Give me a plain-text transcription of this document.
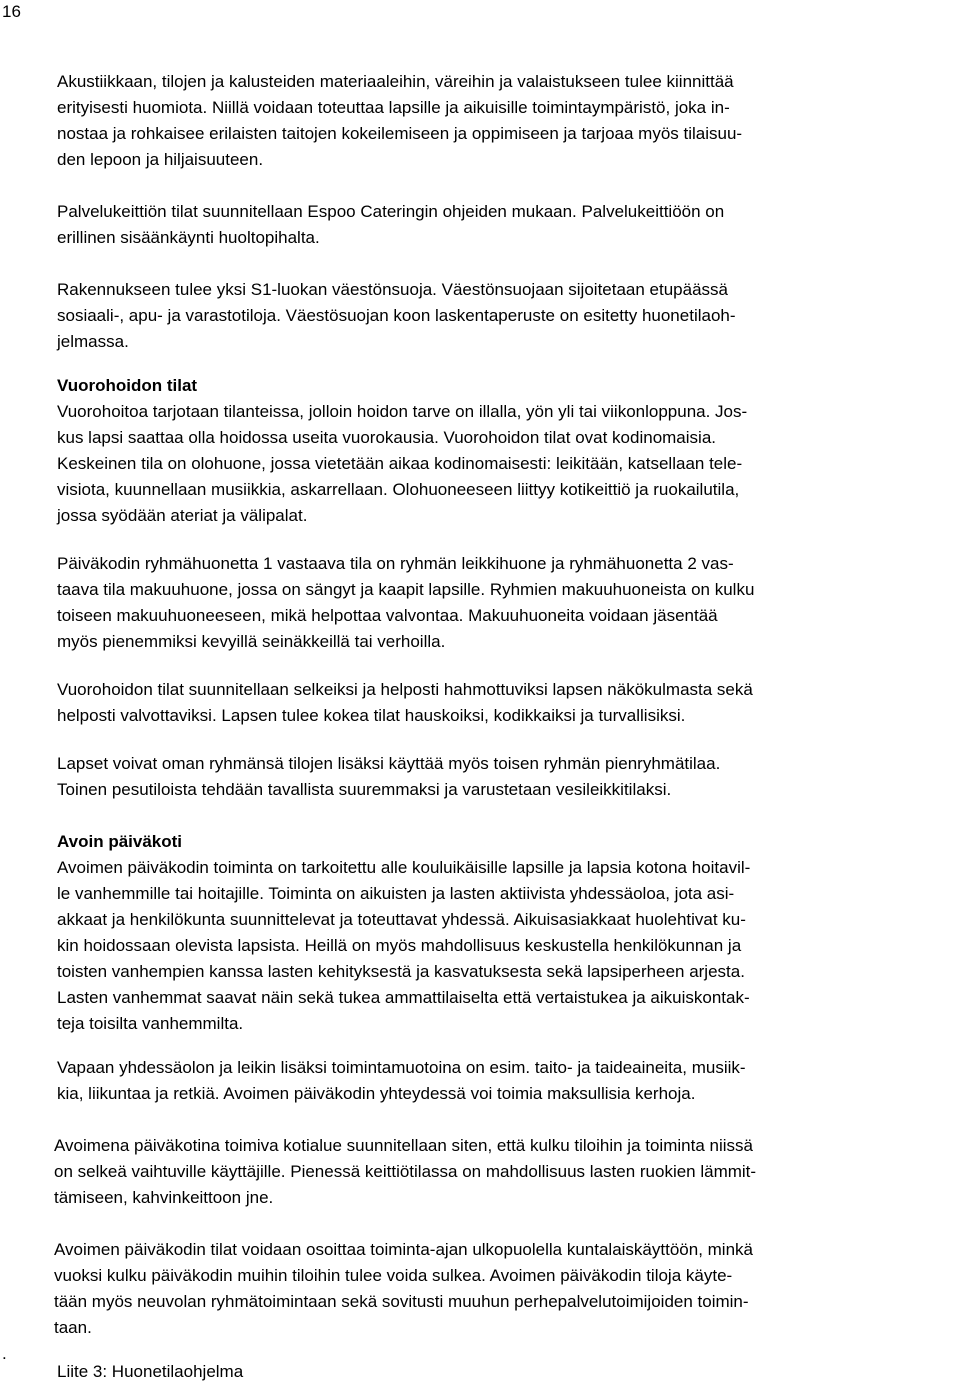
16
Akustiikkaan, tilojen ja kalusteiden materiaaleihin, väreihin ja valaistukseen tulee kiinnittää
erityisesti huomiota. Niillä voidaan toteuttaa lapsille ja aikuisille toimintaympäristö, joka in-
nostaa ja rohkaisee erilaisten taitojen kokeilemiseen ja oppimiseen ja tarjoaa myös tilaisuu-
den lepoon ja hiljaisuuteen.
Palvelukeittiön tilat suunnitellaan Espoo Cateringin ohjeiden mukaan. Palvelukeittiöön on
erillinen sisäänkäynti huoltopihalta.
Rakennukseen tulee yksi S1-luokan väestönsuoja. Väestönsuojaan sijoitetaan etupäässä
sosiaali-, apu- ja varastotiloja. Väestösuojan koon laskentaperuste on esitetty huonetilaoh-
jelmassa.
Vuorohoidon tilat
Vuorohoitoa tarjotaan tilanteissa, jolloin hoidon tarve on illalla, yön yli tai viikonloppuna. Jos-
kus lapsi saattaa olla hoidossa useita vuorokausia. Vuorohoidon tilat ovat kodinomaisia.
Keskeinen tila on olohuone, jossa vietetään aikaa kodinomaisesti: leikitään, katsellaan tele-
visiota, kuunnellaan musiikkia, askarrellaan. Olohuoneeseen liittyy kotikeittiö ja ruokailutila,
jossa syödään ateriat ja välipalat.
Päiväkodin ryhmähuonetta 1 vastaava tila on ryhmän leikkihuone ja ryhmähuonetta 2 vas-
taava tila makuuhuone, jossa on sängyt ja kaapit lapsille. Ryhmien makuuhuoneista on kulku
toiseen makuuhuoneeseen, mikä helpottaa valvontaa. Makuuhuoneita voidaan jäsentää
myös pienemmiksi kevyillä seinäkkeillä tai verhoilla.
Vuorohoidon tilat suunnitellaan selkeiksi ja helposti hahmottuviksi lapsen näkökulmasta sekä
helposti valvottaviksi. Lapsen tulee kokea tilat hauskoiksi, kodikkaiksi ja turvallisiksi.
Lapset voivat oman ryhmänsä tilojen lisäksi käyttää myös toisen ryhmän pienryhmätilaa.
Toinen pesutiloista tehdään tavallista suuremmaksi ja varustetaan vesileikkitilaksi.
Avoin päiväkoti
Avoimen päiväkodin toiminta on tarkoitettu alle kouluikäisille lapsille ja lapsia kotona hoitavil-
le vanhemmille tai hoitajille. Toiminta on aikuisten ja lasten aktiivista yhdessäoloa, jota asi-
akkaat ja henkilökunta suunnittelevat ja toteuttavat yhdessä. Aikuisasiakkaat huolehtivat ku-
kin hoidossaan olevista lapsista. Heillä on myös mahdollisuus keskustella henkilökunnan ja
toisten vanhempien kanssa lasten kehityksestä ja kasvatuksesta sekä lapsiperheen arjesta.
Lasten vanhemmat saavat näin sekä tukea ammattilaiselta että vertaistukea ja aikuiskontak-
teja toisilta vanhemmilta.
Vapaan yhdessäolon ja leikin lisäksi toimintamuotoina on esim. taito- ja taideaineita, musiik-
kia, liikuntaa ja retkiä. Avoimen päiväkodin yhteydessä voi toimia maksullisia kerhoja.
Avoimena päiväkotina toimiva kotialue suunnitellaan siten, että kulku tiloihin ja toiminta niissä
on selkeä vaihtuville käyttäjille. Pienessä keittiötilassa on mahdollisuus lasten ruokien lämmit-
tämiseen, kahvinkeittoon jne.
Avoimen päiväkodin tilat voidaan osoittaa toiminta-ajan ulkopuolella kuntalaiskäyttöön, minkä
vuoksi kulku päiväkodin muihin tiloihin tulee voida sulkea. Avoimen päiväkodin tiloja käyte-
tään myös neuvolan ryhmätoimintaan sekä sovitusti muuhun perhepalvelutoimijoiden toimin-
taan.
.
Liite 3: Huonetilaohjelma
